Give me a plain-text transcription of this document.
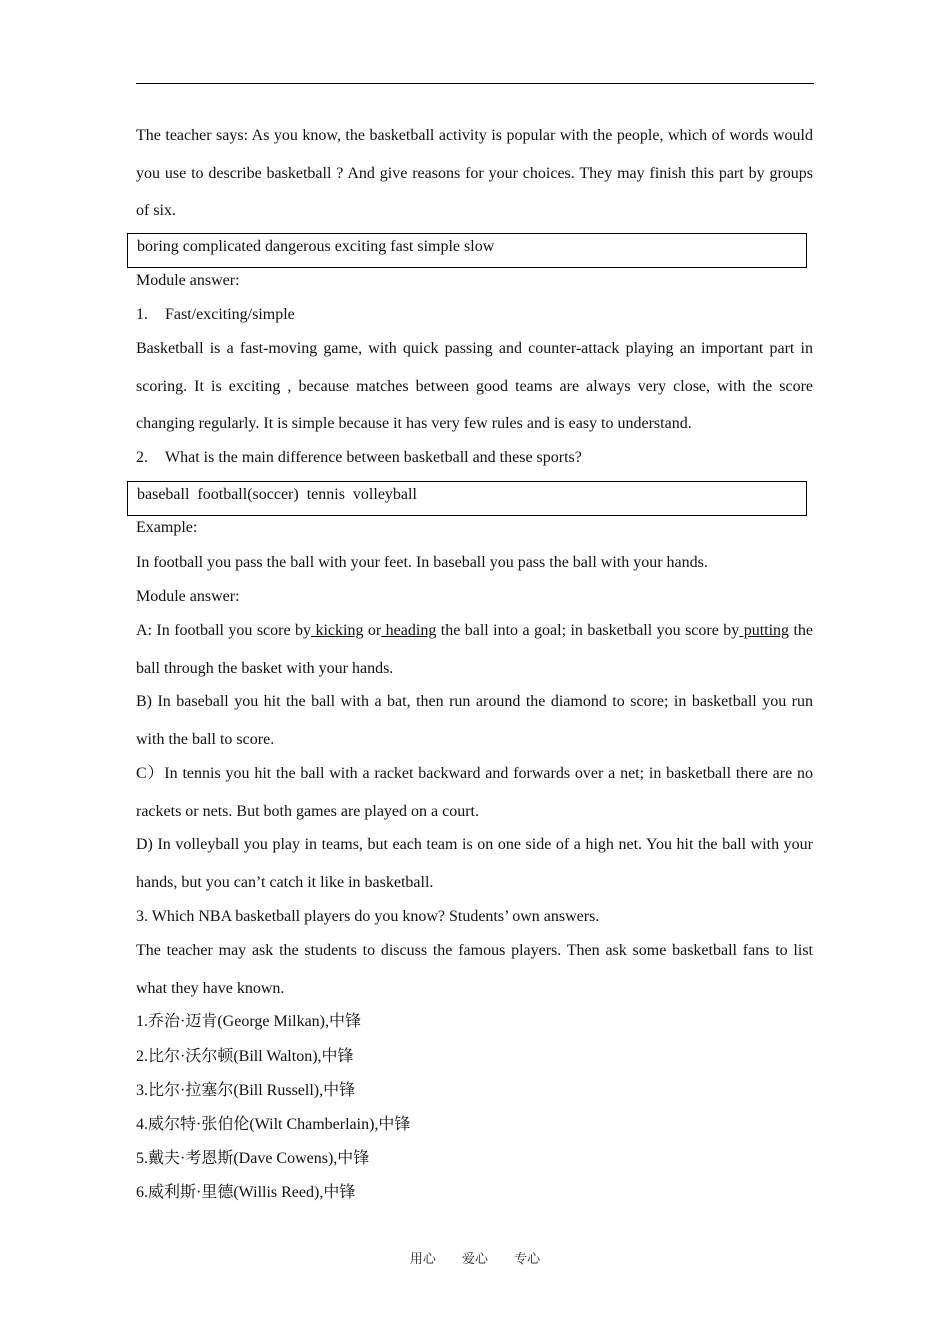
The teacher says: As you know, the basketball activity is popular with the people, which of words would you use to describe basketball ? And give reasons for your choices. They may finish this part by groups of six.

boring complicated dangerous exciting fast simple slow

Module answer:

1. Fast/exciting/simple

Basketball is a fast-moving game, with quick passing and counter-attack playing an important part in scoring. It is exciting , because matches between good teams are always very close, with the score changing regularly. It is simple because it has very few rules and is easy to understand.

2. What is the main difference between basketball and these sports?

baseball  football(soccer)  tennis  volleyball

Example:

In football you pass the ball with your feet. In baseball you pass the ball with your hands.

Module answer:

A: In football you score by kicking or heading the ball into a goal; in basketball you score by putting the ball through the basket with your hands.

B) In baseball you hit the ball with a bat, then run around the diamond to score; in basketball you run with the ball to score.

C）In tennis you hit the ball with a racket backward and forwards over a net; in basketball there are no rackets or nets. But both games are played on a court.

D) In volleyball you play in teams, but each team is on one side of a high net. You hit the ball with your hands, but you can’t catch it like in basketball.

3. Which NBA basketball players do you know? Students’ own answers.

The teacher may ask the students to discuss the famous players. Then ask some basketball fans to list what they have known.

1.乔治·迈肯(George Milkan),中锋

2.比尔·沃尔顿(Bill Walton),中锋

3.比尔·拉塞尔(Bill Russell),中锋

4.威尔特·张伯伦(Wilt Chamberlain),中锋

5.戴夫·考恩斯(Dave Cowens),中锋

6.威利斯·里德(Willis Reed),中锋

用心 爱心 专心
